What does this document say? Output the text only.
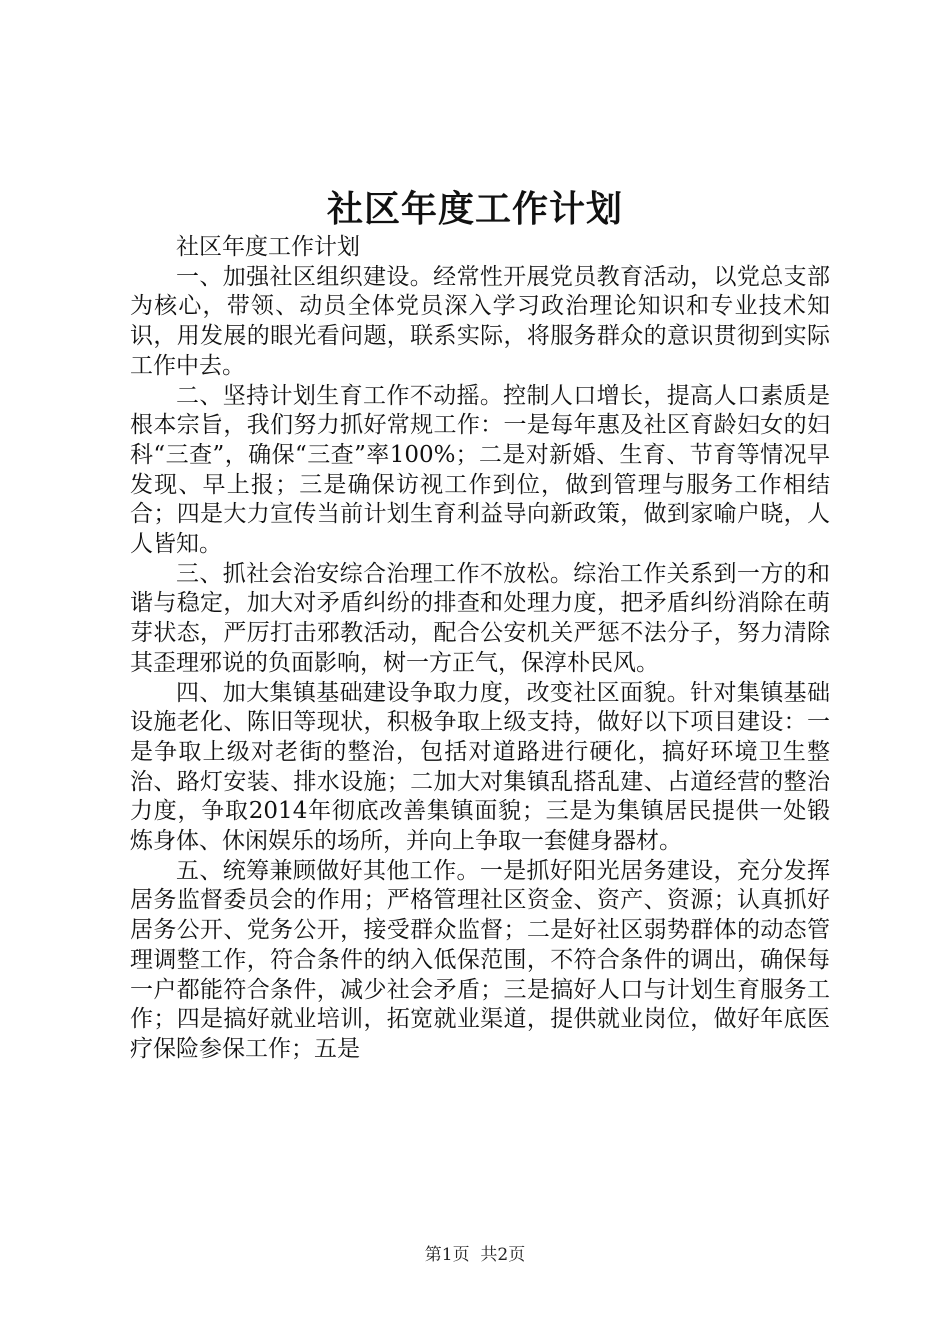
社区年度工作计划

社区年度工作计划

一、加强社区组织建设。经常性开展党员教育活动，以党总支部为核心，带领、动员全体党员深入学习政治理论知识和专业技术知识，用发展的眼光看问题，联系实际，将服务群众的意识贯彻到实际工作中去。

二、坚持计划生育工作不动摇。控制人口增长，提高人口素质是根本宗旨，我们努力抓好常规工作：一是每年惠及社区育龄妇女的妇科“三查”，确保“三查”率100%；二是对新婚、生育、节育等情况早发现、早上报；三是确保访视工作到位，做到管理与服务工作相结合；四是大力宣传当前计划生育利益导向新政策，做到家喻户晓，人人皆知。

三、抓社会治安综合治理工作不放松。综治工作关系到一方的和谐与稳定，加大对矛盾纠纷的排查和处理力度，把矛盾纠纷消除在萌芽状态，严厉打击邪教活动，配合公安机关严惩不法分子，努力清除其歪理邪说的负面影响，树一方正气，保淳朴民风。

四、加大集镇基础建设争取力度，改变社区面貌。针对集镇基础设施老化、陈旧等现状，积极争取上级支持，做好以下项目建设：一是争取上级对老街的整治，包括对道路进行硬化，搞好环境卫生整治、路灯安装、排水设施；二加大对集镇乱搭乱建、占道经营的整治力度，争取2014年彻底改善集镇面貌；三是为集镇居民提供一处锻炼身体、休闲娱乐的场所，并向上争取一套健身器材。

五、统筹兼顾做好其他工作。一是抓好阳光居务建设，充分发挥居务监督委员会的作用；严格管理社区资金、资产、资源；认真抓好居务公开、党务公开，接受群众监督；二是好社区弱势群体的动态管理调整工作，符合条件的纳入低保范围，不符合条件的调出，确保每一户都能符合条件，减少社会矛盾；三是搞好人口与计划生育服务工作；四是搞好就业培训，拓宽就业渠道，提供就业岗位，做好年底医疗保险参保工作；五是

第1页 共2页
